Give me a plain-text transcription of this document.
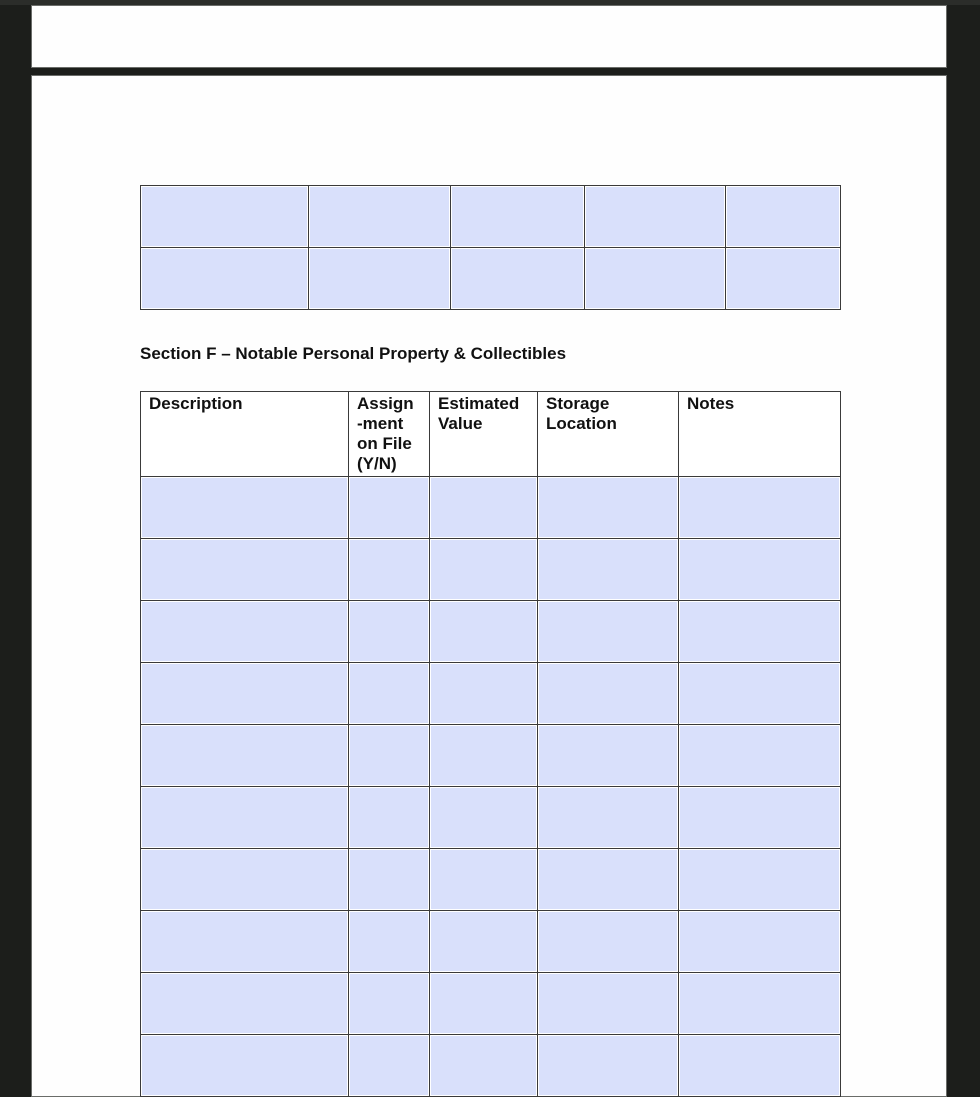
Section F – Notable Personal Property & Collectibles
Description	Assign -ment on File (Y/N)	Estimated Value	Storage Location	Notes
